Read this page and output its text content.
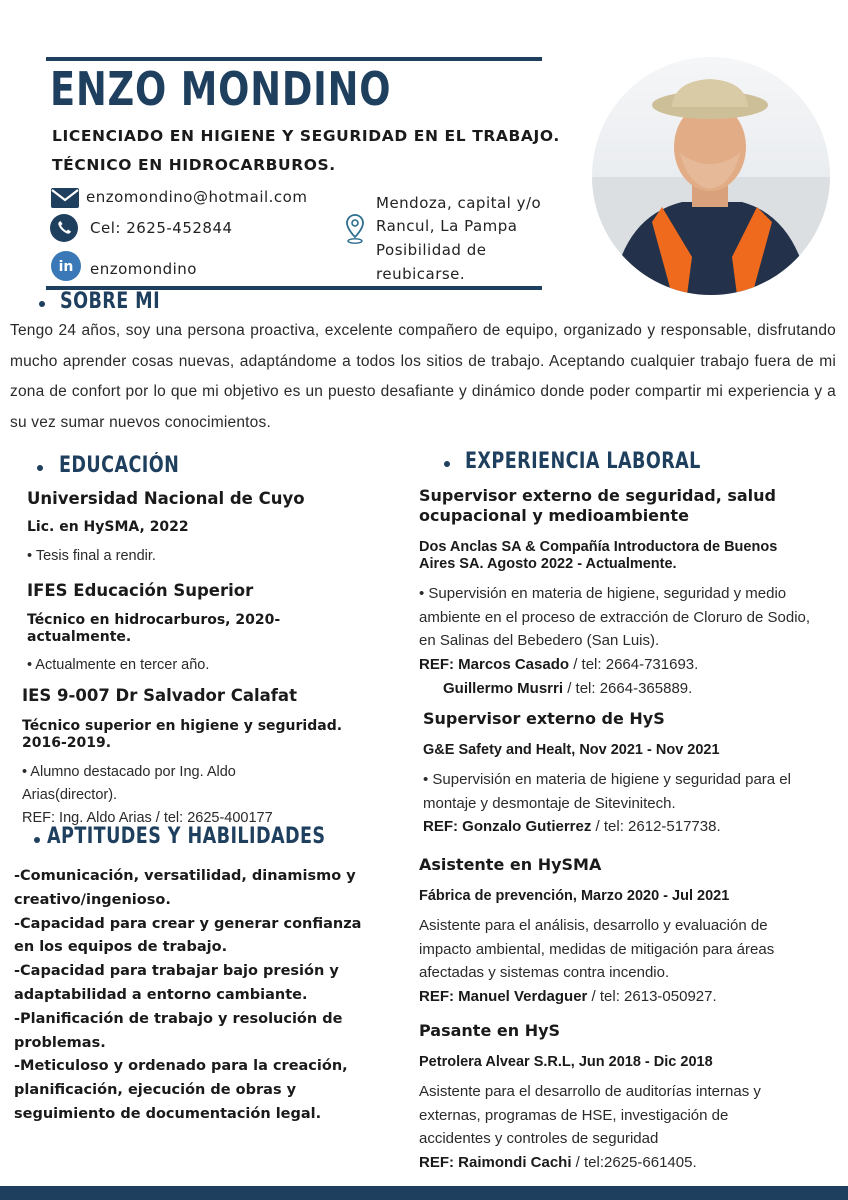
ENZO MONDINO
LICENCIADO EN HIGIENE Y SEGURIDAD EN EL TRABAJO.
TÉCNICO EN HIDROCARBUROS.
enzomondino@hotmail.com
Cel: 2625-452844
in enzomondino
Mendoza, capital y/o
Rancul, La Pampa
Posibilidad de
reubicarse.
SOBRE MI
Tengo 24 años, soy una persona proactiva, excelente compañero de equipo, organizado y responsable, disfrutando mucho aprender cosas nuevas, adaptándome a todos los sitios de trabajo. Aceptando cualquier trabajo fuera de mi zona de confort por lo que mi objetivo es un puesto desafiante y dinámico donde poder compartir mi experiencia y a su vez sumar nuevos conocimientos.
EDUCACIÓN
Universidad Nacional de Cuyo
Lic. en HySMA, 2022
• Tesis final a rendir.
IFES Educación Superior
Técnico en hidrocarburos, 2020- actualmente.
• Actualmente en tercer año.
IES 9-007 Dr Salvador Calafat
Técnico superior en higiene y seguridad. 2016-2019.
• Alumno destacado por Ing. Aldo
Arias(director).
REF: Ing. Aldo Arias / tel: 2625-400177
APTITUDES Y HABILIDADES
-Comunicación, versatilidad, dinamismo y
creativo/ingenioso.
-Capacidad para crear y generar confianza
en los equipos de trabajo.
-Capacidad para trabajar bajo presión y
adaptabilidad a entorno cambiante.
-Planificación de trabajo y resolución de
problemas.
-Meticuloso y ordenado para la creación,
planificación, ejecución de obras y
seguimiento de documentación legal.
EXPERIENCIA LABORAL
Supervisor externo de seguridad, salud ocupacional y medioambiente
Dos Anclas SA & Compañía Introductora de Buenos Aires SA. Agosto 2022 - Actualmente.
• Supervisión en materia de higiene, seguridad y medio ambiente en el proceso de extracción de Cloruro de Sodio, en Salinas del Bebedero (San Luis).
REF: Marcos Casado / tel: 2664-731693.
Guillermo Musrri / tel: 2664-365889.
Supervisor externo de HyS
G&E Safety and Healt, Nov 2021 - Nov 2021
• Supervisión en materia de higiene y seguridad para el montaje y desmontaje de Sitevinitech.
REF: Gonzalo Gutierrez / tel: 2612-517738.
Asistente en HySMA
Fábrica de prevención, Marzo 2020 - Jul 2021
Asistente para el análisis, desarrollo y evaluación de impacto ambiental, medidas de mitigación para áreas afectadas y sistemas contra incendio.
REF: Manuel Verdaguer / tel: 2613-050927.
Pasante en HyS
Petrolera Alvear S.R.L, Jun 2018 - Dic 2018
Asistente para el desarrollo de auditorías internas y externas, programas de HSE, investigación de accidentes y controles de seguridad
REF: Raimondi Cachi / tel:2625-661405.
